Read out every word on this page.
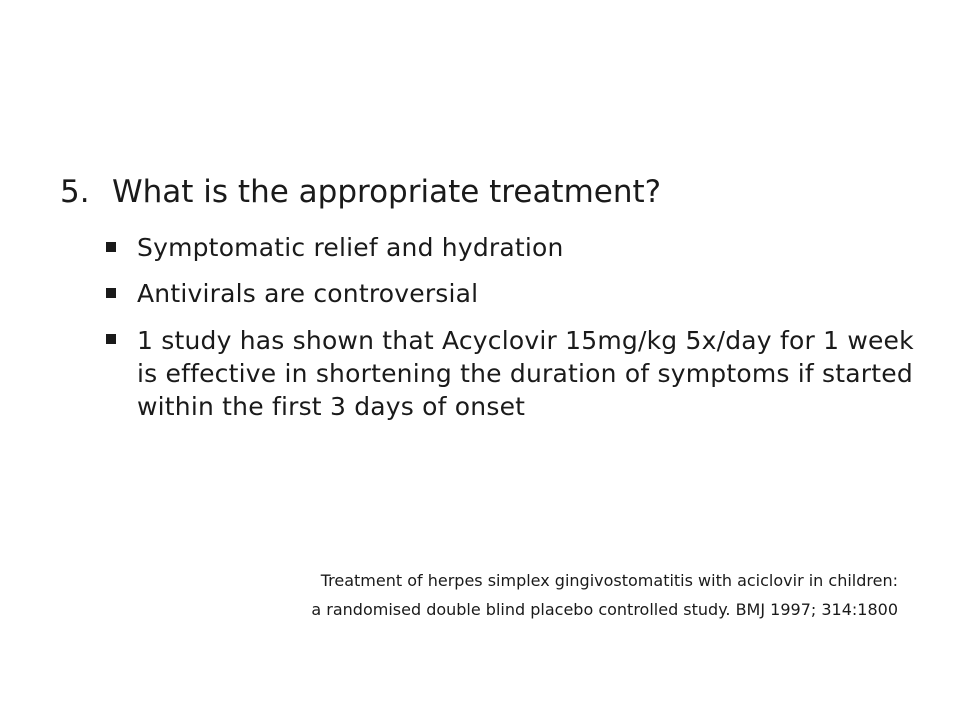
5. What is the appropriate treatment?
Symptomatic relief and hydration
Antivirals are controversial
1 study has shown that Acyclovir 15mg/kg 5x/day for 1 week is effective in shortening the duration of symptoms if started within the first 3 days of onset
Treatment of herpes simplex gingivostomatitis with aciclovir in children:
a randomised double blind placebo controlled study. BMJ 1997; 314:1800
